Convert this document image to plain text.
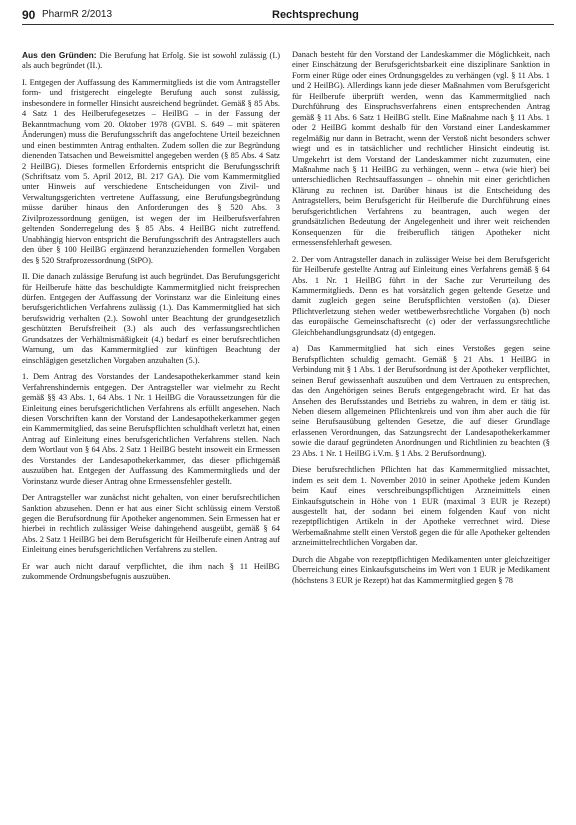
90 PharmR 2/2013	Rechtsprechung

Aus den Gründen: Die Berufung hat Erfolg. Sie ist sowohl zulässig (I.) als auch begründet (II.).

I. Entgegen der Auffassung des Kammermitglieds ist die vom Antragsteller form- und fristgerecht eingelegte Berufung auch sonst zulässig, insbesondere in formeller Hinsicht ausreichend begründet. Gemäß § 85 Abs. 4 Satz 1 des Heilberufegesetzes – HeilBG – in der Fassung der Bekanntmachung vom 20. Oktober 1978 (GVBl. S. 649 – mit späteren Änderungen) muss die Berufungsschrift das angefochtene Urteil bezeichnen und einen bestimmten Antrag enthalten. Zudem sollen die zur Begründung dienenden Tatsachen und Beweismittel angegeben werden (§ 85 Abs. 4 Satz 2 HeilBG). Dieses formellen Erfordernis entspricht die Berufungsschrift (Schriftsatz vom 5. April 2012, Bl. 217 GA). Die vom Kammermitglied unter Hinweis auf verschiedene Entscheidungen von Zivil- und Verwaltungsgerichten vertretene Auffassung, eine Berufungsbegründung müsse darüber hinaus den Anforderungen des § 520 Abs. 3 Zivilprozessordnung genügen, ist wegen der im Heilberufsverfahren geltenden Sonderregelung des § 85 Abs. 4 HeilBG nicht zutreffend. Unabhängig hiervon entspricht die Berufungsschrift des Antragstellers auch den über § 100 HeilBG ergänzend heranzuziehenden formellen Vorgaben des § 520 Strafprozessordnung (StPO).

II. Die danach zulässige Berufung ist auch begründet. Das Berufungsgericht für Heilberufe hätte das beschuldigte Kammermitglied nicht freisprechen dürfen. Entgegen der Auffassung der Vorinstanz war die Einleitung eines berufsgerichtlichen Verfahrens zulässig (1.). Das Kammermitglied hat sich berufswidrig verhalten (2.). Sowohl unter Beachtung der grundgesetzlich geschützten Berufsfreiheit (3.) als auch des verfassungsrechtlichen Grundsatzes der Verhältnismäßigkeit (4.) bedarf es einer berufsrechtlichen Warnung, um das Kammermitglied zur künftigen Beachtung der einschlägigen gesetzlichen Vorgaben anzuhalten (5.).

1. Dem Antrag des Vorstandes der Landesapothekerkammer stand kein Verfahrenshindernis entgegen. Der Antragsteller war vielmehr zu Recht gemäß §§ 43 Abs. 1, 64 Abs. 1 Nr. 1 HeilBG die Voraussetzungen für die Einleitung eines berufsgerichtlichen Verfahrens als erfüllt angesehen. Nach diesen Vorschriften kann der Vorstand der Landesapothekerkammer gegen ein Kammermitglied, das seine Berufspflichten schuldhaft verletzt hat, einen Antrag auf Einleitung eines berufsgerichtlichen Verfahrens stellen. Nach dem Wortlaut von § 64 Abs. 2 Satz 1 HeilBG besteht insoweit ein Ermessen des Vorstandes der Landesapothekerkammer, das dieser pflichtgemäß auszuüben hat. Entgegen der Auffassung des Kammermitglieds und der Vorinstanz wurde dieser Antrag ohne Ermessensfehler gestellt.

Der Antragsteller war zunächst nicht gehalten, von einer berufsrechtlichen Sanktion abzusehen. Denn er hat aus einer Sicht schlüssig einem Verstoß gegen die Berufsordnung für Apotheker angenommen. Sein Ermessen hat er hierbei in rechtlich zulässiger Weise dahingehend ausgeübt, gemäß § 64 Abs. 2 Satz 1 HeilBG bei dem Berufsgericht für Heilberufe einen Antrag auf Einleitung eines berufsgerichtlichen Verfahrens zu stellen.

Er war auch nicht darauf verpflichtet, die ihm nach § 11 HeilBG zukommende Ordnungsbefugnis auszuüben.

Danach besteht für den Vorstand der Landeskammer die Möglichkeit, nach einer Einschätzung der Berufsgerichtsbarkeit eine disziplinare Sanktion in Form einer Rüge oder eines Ordnungsgeldes zu verhängen (vgl. § 11 Abs. 1 und 2 HeilBG). Allerdings kann jede dieser Maßnahmen vom Berufsgericht für Heilberufe überprüft werden, wenn das Kammermitglied nach Durchführung des Einspruchsverfahrens einen entsprechenden Antrag gemäß § 11 Abs. 6 Satz 1 HeilBG stellt. Eine Maßnahme nach § 11 Abs. 1 oder 2 HeilBG kommt deshalb für den Vorstand einer Landeskammer regelmäßig nur dann in Betracht, wenn der Verstoß nicht besonders schwer wiegt und es in tatsächlicher und rechtlicher Hinsicht eindeutig ist. Umgekehrt ist dem Vorstand der Landeskammer nicht zuzumuten, eine Maßnahme nach § 11 HeilBG zu verhängen, wenn – etwa (wie hier) bei unterschiedlichen Rechtsauffassungen – ohnehin mit einer gerichtlichen Klärung zu rechnen ist. Darüber hinaus ist die Entscheidung des Antragstellers, beim Berufsgericht für Heilberufe die Durchführung eines berufsgerichtlichen Verfahrens zu beantragen, auch wegen der grundsätzlichen Bedeutung der Angelegenheit und ihrer weit reichenden Konsequenzen für die freiberuflich tätigen Apotheker nicht ermessensfehlerhaft gewesen.

2. Der vom Antragsteller danach in zulässiger Weise bei dem Berufsgericht für Heilberufe gestellte Antrag auf Einleitung eines Verfahrens gemäß § 64 Abs. 1 Nr. 1 HeilBG führt in der Sache zur Verurteilung des Kammermitglieds. Denn es hat vorsätzlich gegen geltende Gesetze und damit zugleich gegen seine Berufspflichten verstoßen (a). Dieser Pflichtverletzung stehen weder wettbewerbsrechtliche Vorgaben (b) noch das europäische Gemeinschaftsrecht (c) oder der verfassungsrechtliche Gleichbehandlungsgrundsatz (d) entgegen.

a) Das Kammermitglied hat sich eines Verstoßes gegen seine Berufspflichten schuldig gemacht. Gemäß § 21 Abs. 1 HeilBG in Verbindung mit § 1 Abs. 1 der Berufsordnung ist der Apotheker verpflichtet, seinen Beruf gewissenhaft auszuüben und dem Vertrauen zu entsprechen, das den Angehörigen seines Berufs entgegengebracht wird. Er hat das Ansehen des Berufsstandes und Betriebs zu wahren, in dem er tätig ist. Neben diesem allgemeinen Pflichtenkreis und von ihm aber auch die für seine Berufsausübung geltenden Gesetze, die auf dieser Grundlage erlassenen Verordnungen, das Satzungsrecht der Landesapothekerkammer sowie die darauf gegründeten Anordnungen und Richtlinien zu beachten (§ 23 Abs. 1 Nr. 1 HeilBG i.V.m. § 1 Abs. 2 Berufsordnung).

Diese berufsrechtlichen Pflichten hat das Kammermitglied missachtet, indem es seit dem 1. November 2010 in seiner Apotheke jedem Kunden beim Kauf eines verschreibungspflichtigen Arzneimittels einen Einkaufsgutschein in Höhe von 1 EUR (maximal 3 EUR je Rezept) ausgestellt hat, der sodann bei einem folgenden Kauf von nicht rezeptpflichtigen Artikeln in der Apotheke verrechnet wird. Diese Werbemaßnahme stellt einen Verstoß gegen die für alle Apotheker geltenden arzneimittelrechtlichen Vorgaben dar.

Durch die Abgabe von rezeptpflichtigen Medikamenten unter gleichzeitiger Überreichung eines Einkaufsgutscheins im Wert von 1 EUR je Medikament (höchstens 3 EUR je Rezept) hat das Kammermitglied gegen § 78
